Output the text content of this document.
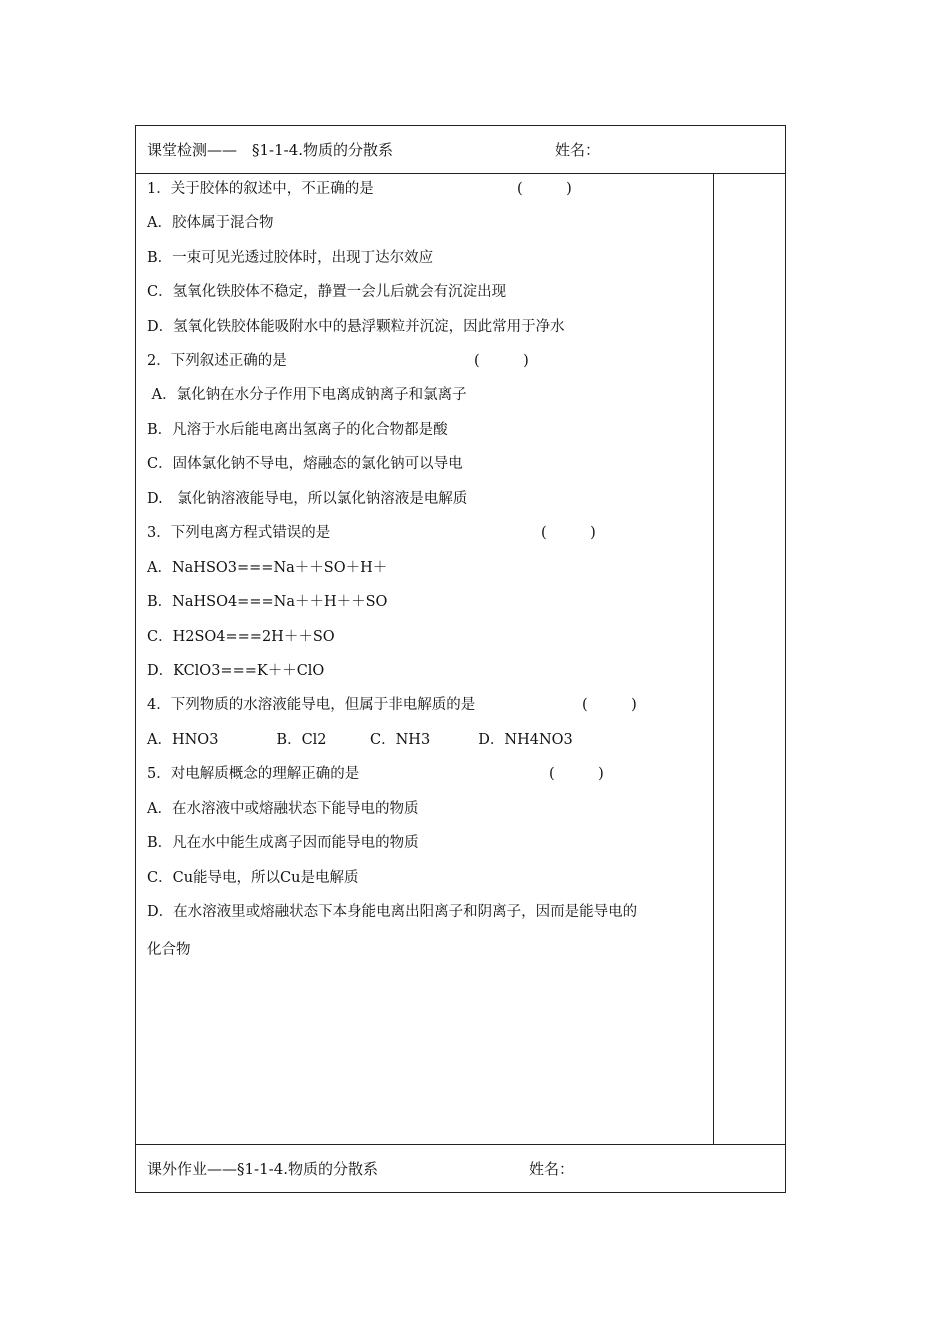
课堂检测——　§1-1-4.物质的分散系	姓名：
1．关于胶体的叙述中，不正确的是	(　　　)
A．胶体属于混合物
B．一束可见光透过胶体时，出现丁达尔效应
C．氢氧化铁胶体不稳定，静置一会儿后就会有沉淀出现
D．氢氧化铁胶体能吸附水中的悬浮颗粒并沉淀，因此常用于净水
2．下列叙述正确的是	(　　　)
A．氯化钠在水分子作用下电离成钠离子和氯离子
B．凡溶于水后能电离出氢离子的化合物都是酸
C．固体氯化钠不导电，熔融态的氯化钠可以导电
D.　氯化钠溶液能导电，所以氯化钠溶液是电解质
3．下列电离方程式错误的是	(　　　)
A．NaHSO3===Na＋＋SO＋H＋
B．NaHSO4===Na＋＋H＋＋SO
C．H2SO4===2H＋＋SO
D．KClO3===K＋＋ClO
4．下列物质的水溶液能导电，但属于非电解质的是	(　　　)
A．HNO3　　　　B．Cl2　　　C．NH3　　　 D．NH4NO3
5．对电解质概念的理解正确的是	(　　　)
A．在水溶液中或熔融状态下能导电的物质
B．凡在水中能生成离子因而能导电的物质
C．Cu能导电，所以Cu是电解质
D．在水溶液里或熔融状态下本身能电离出阳离子和阴离子，因而是能导电的
化合物
课外作业——§1-1-4.物质的分散系	姓名：
